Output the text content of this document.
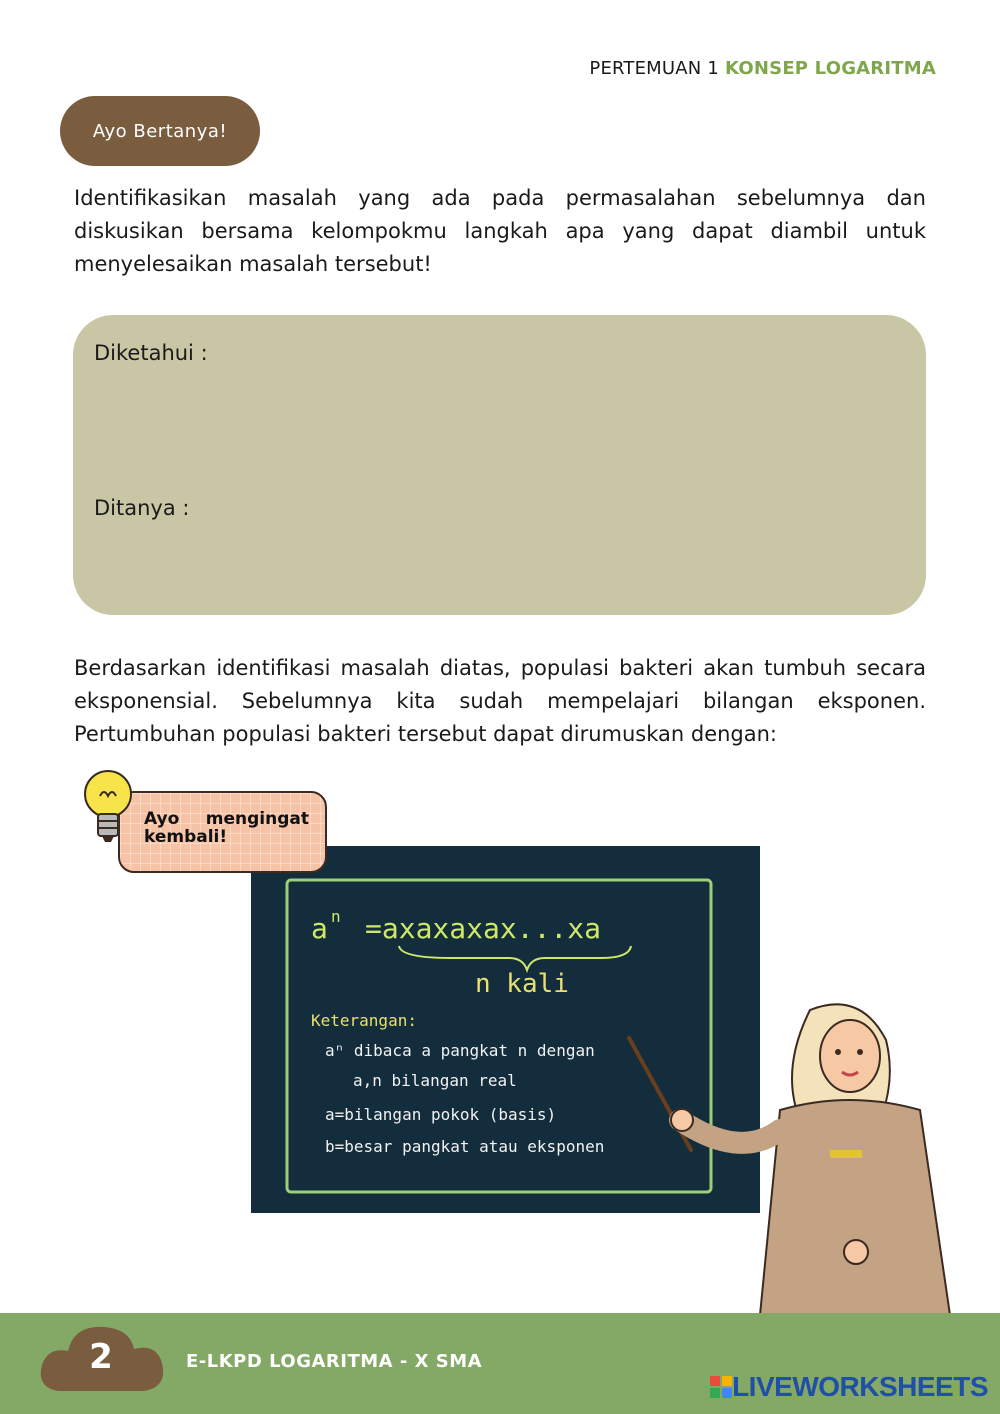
PERTEMUAN 1 KONSEP LOGARITMA
Ayo Bertanya!
Identifikasikan masalah yang ada pada permasalahan sebelumnya dan diskusikan bersama kelompokmu langkah apa yang dapat diambil untuk menyelesaikan masalah tersebut!
Diketahui :
Ditanya :
Berdasarkan identifikasi masalah diatas, populasi bakteri akan tumbuh secara eksponensial. Sebelumnya kita sudah mempelajari bilangan eksponen. Pertumbuhan populasi bakteri tersebut dapat dirumuskan dengan:
a n =axaxaxax...xa
n kali
Keterangan:
aⁿ dibaca a pangkat n dengan
a,n bilangan real
a=bilangan pokok (basis)
b=besar pangkat atau eksponen
Ayo mengingat kembali!
2	E-LKPD LOGARITMA - X SMA
LIVEWORKSHEETS
